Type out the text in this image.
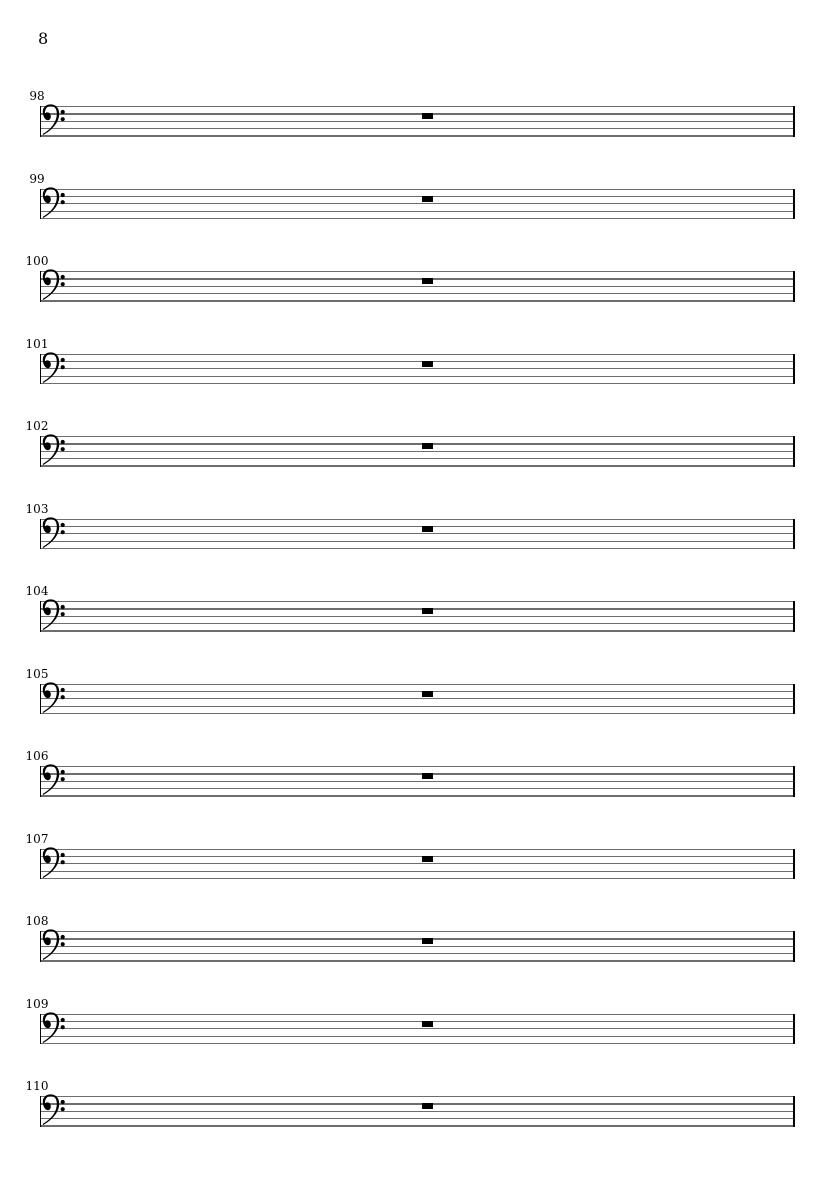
8
98
99
100
101
102
103
104
105
106
107
108
109
110
